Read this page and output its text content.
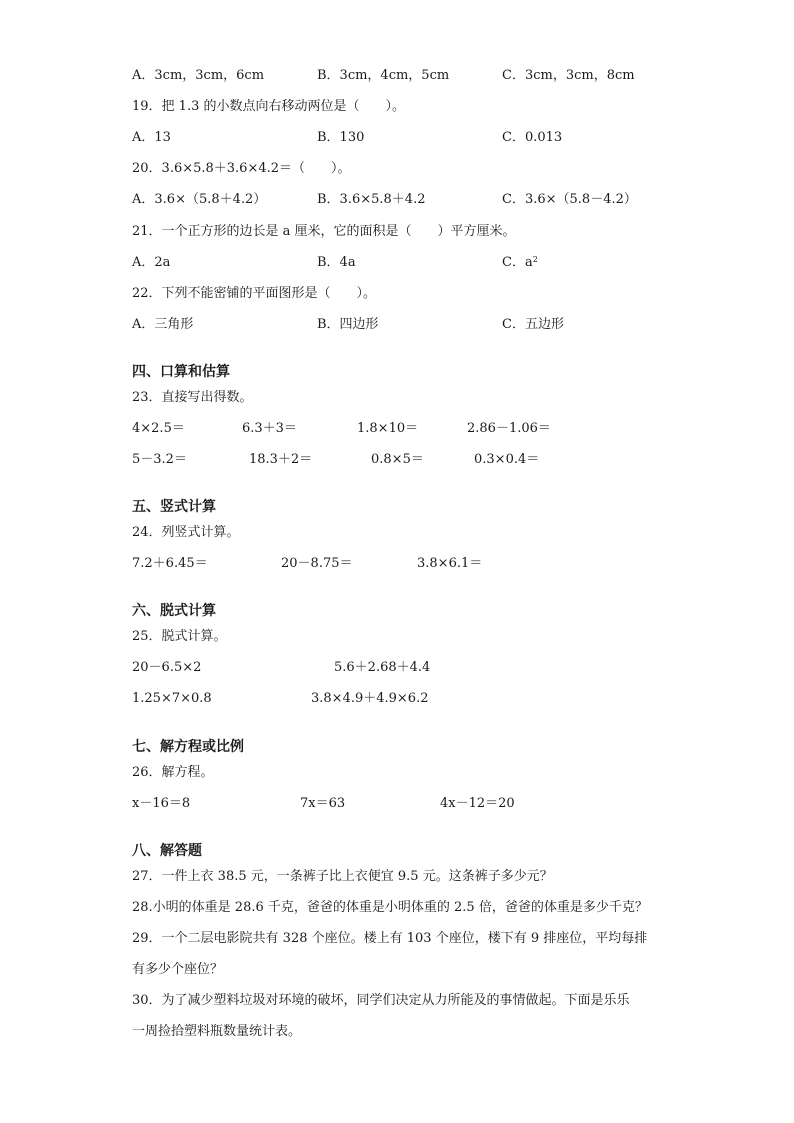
A．3cm，3cm，6cm	B．3cm，4cm，5cm	C．3cm，3cm，8cm
19．把 1.3 的小数点向右移动两位是（　　）。
A．13	B．130	C．0.013
20．3.6×5.8＋3.6×4.2＝（　　）。
A．3.6×（5.8＋4.2）	B．3.6×5.8＋4.2	C．3.6×（5.8－4.2）
21．一个正方形的边长是 a 厘米，它的面积是（　　）平方厘米。
A．2a	B．4a	C．$a^2$
22．下列不能密铺的平面图形是（　　）。
A．三角形	B．四边形	C．五边形
四、口算和估算
23．直接写出得数。
4×2.5＝	6.3＋3＝	1.8×10＝	2.86－1.06＝
5－3.2＝	18.3＋2＝	0.8×5＝	0.3×0.4＝
五、竖式计算
24．列竖式计算。
7.2＋6.45＝	20－8.75＝	3.8×6.1＝
六、脱式计算
25．脱式计算。
20－6.5×2	5.6＋2.68＋4.4
1.25×7×0.8	3.8×4.9＋4.9×6.2
七、解方程或比例
26．解方程。
x－16＝8	7x＝63	4x－12＝20
八、解答题
27．一件上衣 38.5 元，一条裤子比上衣便宜 9.5 元。这条裤子多少元？
28.小明的体重是 28.6 千克，爸爸的体重是小明体重的 2.5 倍，爸爸的体重是多少千克？
29．一个二层电影院共有 328 个座位。楼上有 103 个座位，楼下有 9 排座位，平均每排
有多少个座位？
30．为了减少塑料垃圾对环境的破坏，同学们决定从力所能及的事情做起。下面是乐乐
一周捡拾塑料瓶数量统计表。
